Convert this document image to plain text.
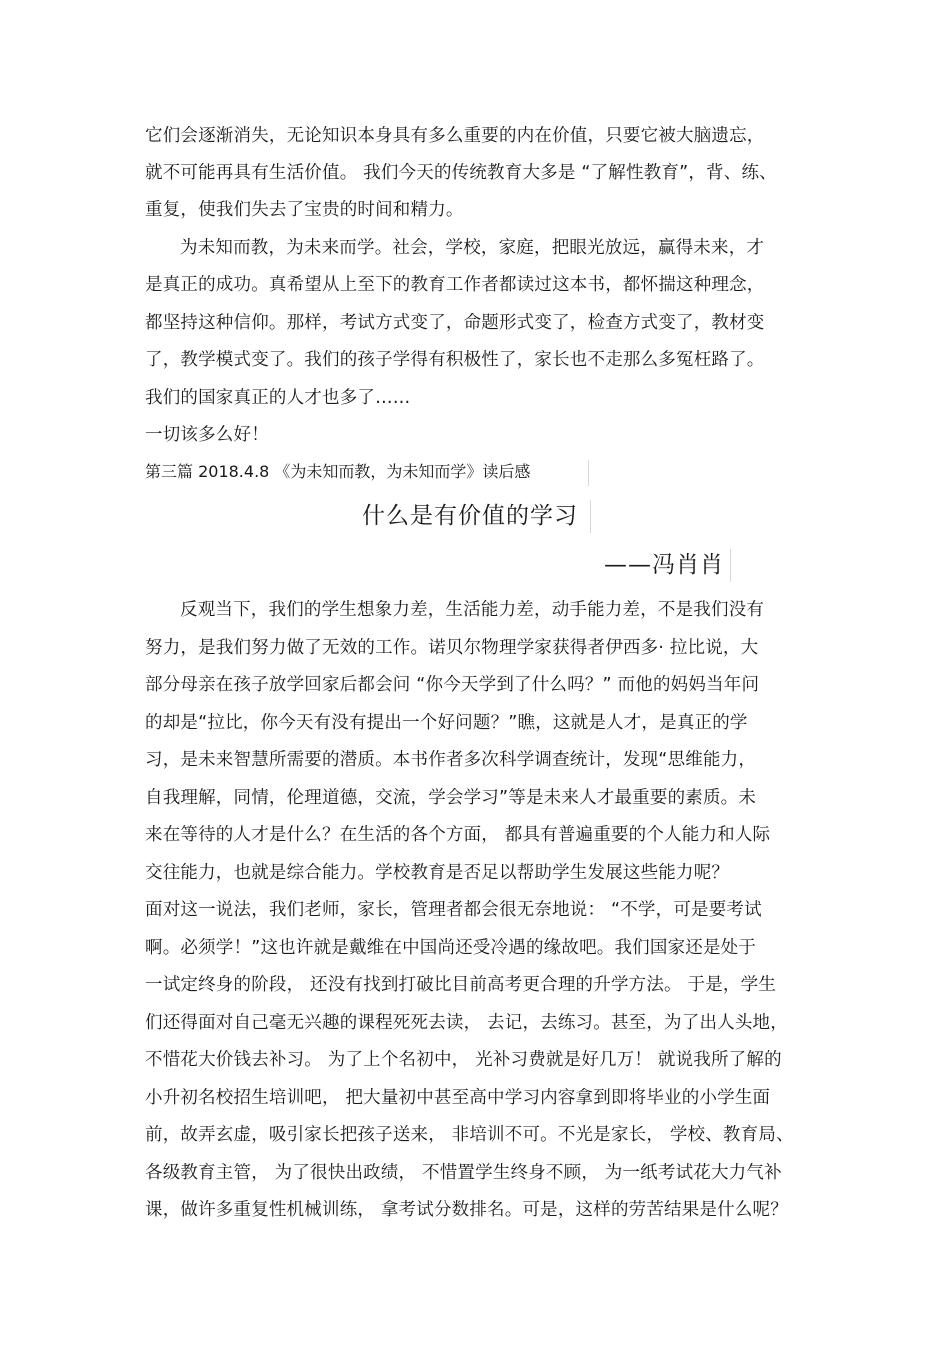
它们会逐渐消失，无论知识本身具有多么重要的内在价值，只要它被大脑遗忘，
就不可能再具有生活价值。 我们今天的传统教育大多是 “了解性教育”，背、练、
重复，使我们失去了宝贵的时间和精力。
为未知而教，为未来而学。社会，学校，家庭，把眼光放远，赢得未来，才
是真正的成功。真希望从上至下的教育工作者都读过这本书，都怀揣这种理念，
都坚持这种信仰。那样，考试方式变了，命题形式变了，检查方式变了，教材变
了，教学模式变了。我们的孩子学得有积极性了，家长也不走那么多冤枉路了。
我们的国家真正的人才也多了……
一切该多么好！
第三篇 2018.4.8 《为未知而教，为未知而学》读后感
什么是有价值的学习
——冯肖肖
反观当下，我们的学生想象力差，生活能力差，动手能力差，不是我们没有
努力，是我们努力做了无效的工作。诺贝尔物理学家获得者伊西多· 拉比说，大
部分母亲在孩子放学回家后都会问 “你今天学到了什么吗？” 而他的妈妈当年问
的却是“拉比，你今天有没有提出一个好问题？”瞧，这就是人才，是真正的学
习，是未来智慧所需要的潜质。本书作者多次科学调查统计，发现“思维能力，
自我理解，同情，伦理道德，交流，学会学习”等是未来人才最重要的素质。未
来在等待的人才是什么？在生活的各个方面， 都具有普遍重要的个人能力和人际
交往能力，也就是综合能力。学校教育是否足以帮助学生发展这些能力呢？
面对这一说法，我们老师，家长，管理者都会很无奈地说： “不学，可是要考试
啊。必须学！”这也许就是戴维在中国尚还受冷遇的缘故吧。我们国家还是处于
一试定终身的阶段， 还没有找到打破比目前高考更合理的升学方法。 于是，学生
们还得面对自己毫无兴趣的课程死死去读， 去记，去练习。甚至，为了出人头地，
不惜花大价钱去补习。 为了上个名初中， 光补习费就是好几万！ 就说我所了解的
小升初名校招生培训吧， 把大量初中甚至高中学习内容拿到即将毕业的小学生面
前，故弄玄虚，吸引家长把孩子送来， 非培训不可。不光是家长， 学校、教育局、
各级教育主管， 为了很快出政绩， 不惜置学生终身不顾， 为一纸考试花大力气补
课，做许多重复性机械训练， 拿考试分数排名。可是，这样的劳苦结果是什么呢？
